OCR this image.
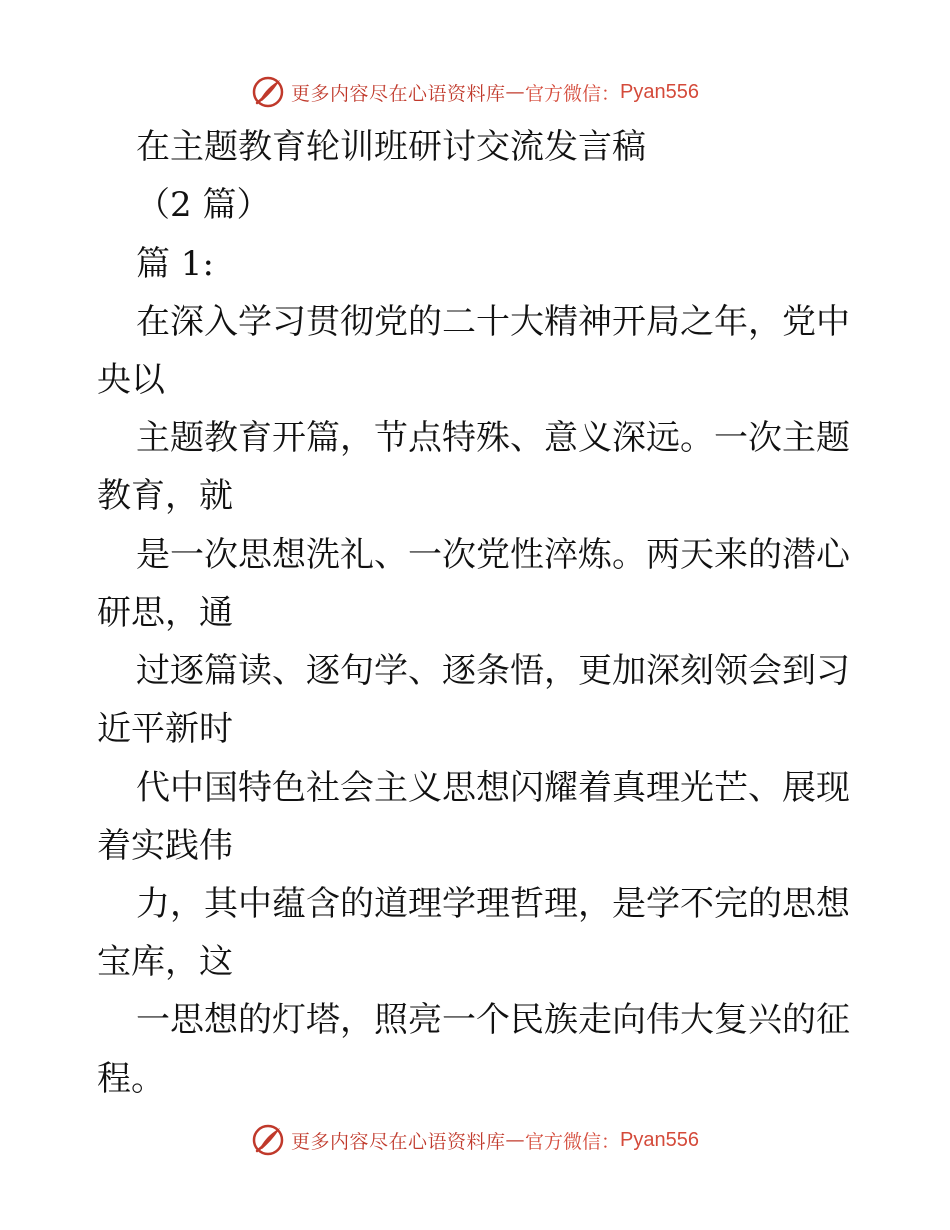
更多内容尽在心语资料库 — 官方微信： Pyan556
在主题教育轮训班研讨交流发言稿
（2 篇）
篇 1:
在 深 入 学 习 贯 彻 党 的 二 十 大 精 神 开 局 之 年 ， 党 中
央以
主 题 教 育 开 篇 ， 节 点 特 殊 、 意 义 深 远 。 一 次 主 题
教育，就
是 一 次 思 想 洗 礼 、 一 次 党 性 淬 炼 。 两 天 来 的 潜 心
研思，通
过 逐 篇 读 、 逐 句 学 、 逐 条 悟 ， 更 加 深 刻 领 会 到 习
近平新时
代 中 国 特 色 社 会 主 义 思 想 闪 耀 着 真 理 光 芒 、 展 现
着实践伟
力 ， 其 中 蕴 含 的 道 理 学 理 哲 理 ， 是 学 不 完 的 思 想
宝库，这
一 思 想 的 灯 塔 ， 照 亮 一 个 民 族 走 向 伟 大 复 兴 的 征
程。
更多内容尽在心语资料库 — 官方微信： Pyan556
